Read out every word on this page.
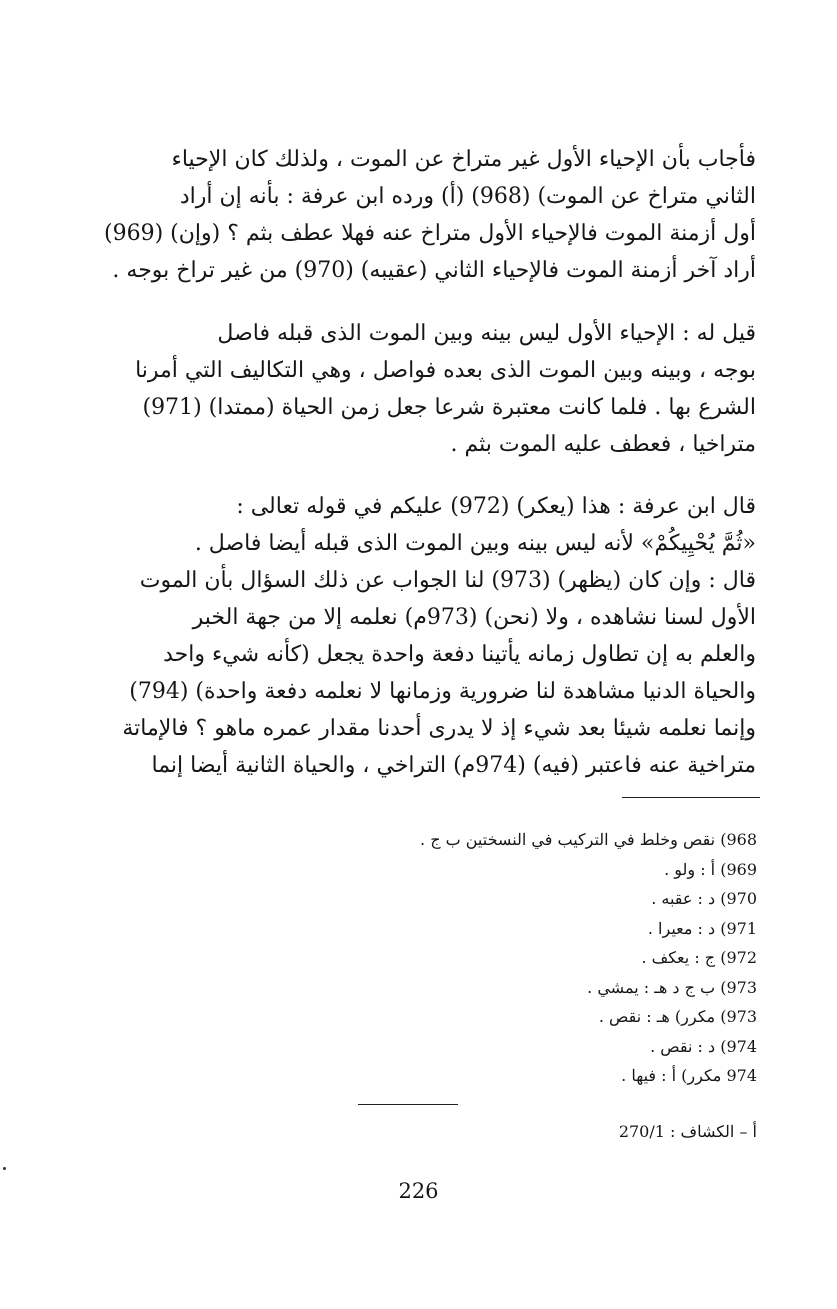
فأجاب بأن الإحياء الأول غير متراخ عن الموت ، ولذلك كان الإحياء

الثاني متراخ عن الموت) (968) (أ) ورده ابن عرفة : بأنه إن أراد

أول أزمنة الموت فالإحياء الأول متراخ عنه فهلا عطف بثم ؟ (وإن) (969)

أراد آخر أزمنة الموت فالإحياء الثاني (عقيبه) (970) من غير تراخ بوجه .

قيل له : الإحياء الأول ليس بينه وبين الموت الذى قبله فاصل

بوجه ، وبينه وبين الموت الذى بعده فواصل ، وهي التكاليف التي أمرنا

الشرع بها . فلما كانت معتبرة شرعا جعل زمن الحياة (ممتدا) (971)

متراخيا ، فعطف عليه الموت بثم .

قال ابن عرفة : هذا (يعكر) (972) عليكم في قوله تعالى :

«ثُمَّ يُحْيِيكُمْ» لأنه ليس بينه وبين الموت الذى قبله أيضا فاصل .

قال : وإن كان (يظهر) (973) لنا الجواب عن ذلك السؤال بأن الموت

الأول لسنا نشاهده ، ولا (نحن) (973م) نعلمه إلا من جهة الخبر

والعلم به إن تطاول زمانه يأتينا دفعة واحدة يجعل (كأنه شيء واحد

والحياة الدنيا مشاهدة لنا ضرورية وزمانها لا نعلمه دفعة واحدة) (794)

وإنما نعلمه شيئا بعد شيء إذ لا يدرى أحدنا مقدار عمره ماهو ؟ فالإماتة

متراخية عنه فاعتبر (فيه) (974م) التراخي ، والحياة الثانية أيضا إنما

968) نقص وخلط في التركيب في النسختين ب ج .
969) أ : ولو .
970) د : عقبه .
971) د : معيرا .
972) ج : يعكف .
973) ب ج د هـ : يمشي .
973) مكرر) هـ : نقص .
974) د : نقص .
974 مكرر) أ : فيها .
أ – الكشاف : 270/1
226
